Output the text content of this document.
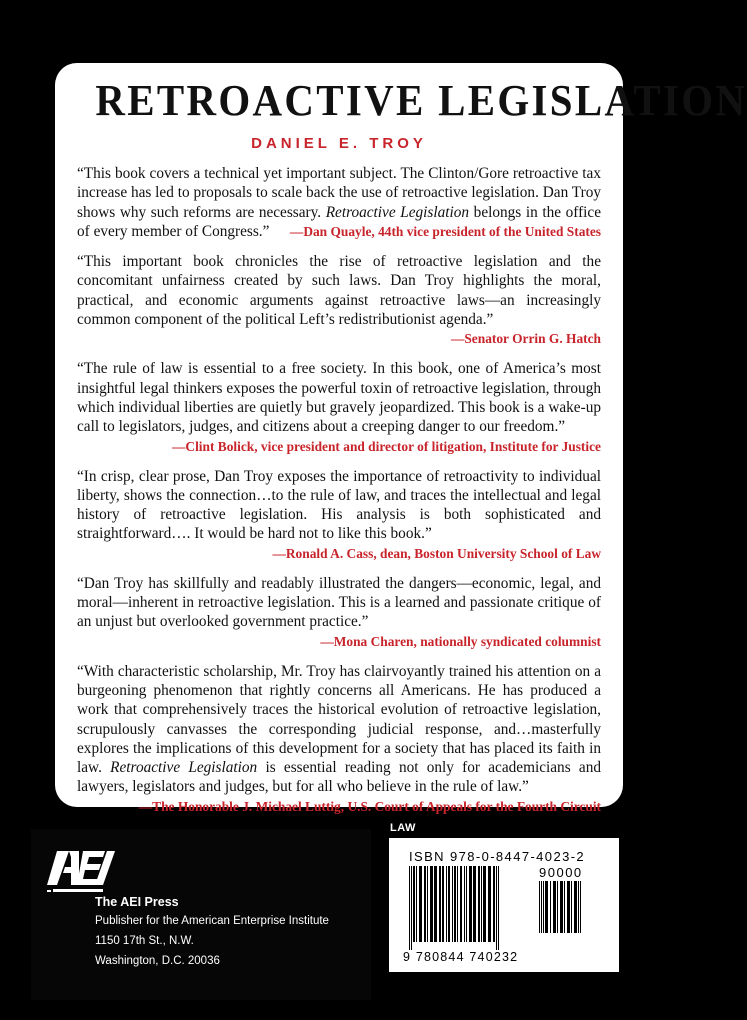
RETROACTIVE LEGISLATION
DANIEL E. TROY

“This book covers a technical yet important subject. The Clinton/Gore retroactive tax increase has led to proposals to scale back the use of retroactive legislation. Dan Troy shows why such reforms are necessary. Retroactive Legislation belongs in the office of every member of Congress.” —Dan Quayle, 44th vice president of the United States

“This important book chronicles the rise of retroactive legislation and the concomitant unfairness created by such laws. Dan Troy highlights the moral, practical, and economic arguments against retroactive laws—an increasingly common component of the political Left’s redistributionist agenda.”
—Senator Orrin G. Hatch

“The rule of law is essential to a free society. In this book, one of America’s most insightful legal thinkers exposes the powerful toxin of retroactive legislation, through which individual liberties are quietly but gravely jeopardized. This book is a wake-up call to legislators, judges, and citizens about a creeping danger to our freedom.”

—Clint Bolick, vice president and director of litigation, Institute for Justice

“In crisp, clear prose, Dan Troy exposes the importance of retroactivity to individual liberty, shows the connection…to the rule of law, and traces the intellectual and legal history of retroactive legislation. His analysis is both sophisticated and straightforward…. It would be hard not to like this book.”

—Ronald A. Cass, dean, Boston University School of Law

“Dan Troy has skillfully and readably illustrated the dangers—economic, legal, and moral—inherent in retroactive legislation. This is a learned and passionate critique of an unjust but overlooked government practice.”

—Mona Charen, nationally syndicated columnist

“With characteristic scholarship, Mr. Troy has clairvoyantly trained his attention on a burgeoning phenomenon that rightly concerns all Americans. He has produced a work that comprehensively traces the historical evolution of retroactive legislation, scrupulously canvasses the corresponding judicial response, and…masterfully explores the implications of this development for a society that has placed its faith in law. Retroactive Legislation is essential reading not only for academicians and lawyers, legislators and judges, but for all who believe in the rule of law.”

—The Honorable J. Michael Luttig, U.S. Court of Appeals for the Fourth Circuit
The AEI Press
Publisher for the American Enterprise Institute
1150 17th St., N.W.
Washington, D.C. 20036
LAW
ISBN 978-0-8447-4023-2
90000
9 780844 740232
